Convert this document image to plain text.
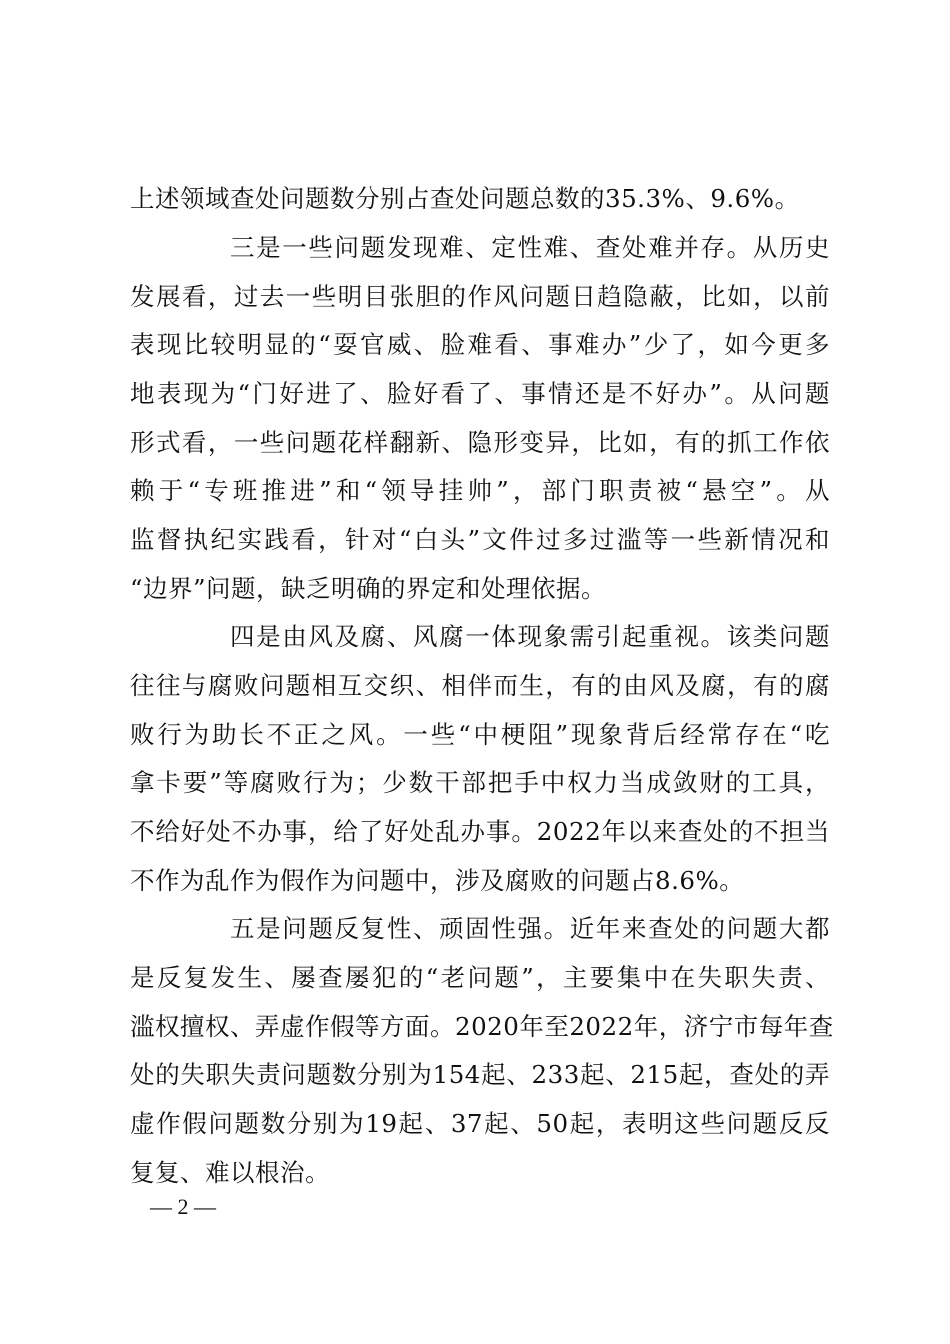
上述领域查处问题数分别占查处问题总数的35.3%、9.6%。
三是一些问题发现难、定性难、查处难并存。从历史
发展看，过去一些明目张胆的作风问题日趋隐蔽，比如，以前
表现比较明显的“耍官威、脸难看、事难办”少了，如今更多
地表现为“门好进了、脸好看了、事情还是不好办”。从问题
形式看，一些问题花样翻新、隐形变异，比如，有的抓工作依
赖于“专班推进”和“领导挂帅”，部门职责被“悬空”。从
监督执纪实践看，针对“白头”文件过多过滥等一些新情况和
“边界”问题，缺乏明确的界定和处理依据。
四是由风及腐、风腐一体现象需引起重视。该类问题
往往与腐败问题相互交织、相伴而生，有的由风及腐，有的腐
败行为助长不正之风。一些“中梗阻”现象背后经常存在“吃
拿卡要”等腐败行为；少数干部把手中权力当成敛财的工具，
不给好处不办事，给了好处乱办事。2022年以来查处的不担当
不作为乱作为假作为问题中，涉及腐败的问题占8.6%。
五是问题反复性、顽固性强。近年来查处的问题大都
是反复发生、屡查屡犯的“老问题”，主要集中在失职失责、
滥权擅权、弄虚作假等方面。2020年至2022年，济宁市每年查
处的失职失责问题数分别为154起、233起、215起，查处的弄
虚作假问题数分别为19起、37起、50起，表明这些问题反反
复复、难以根治。
— 2 —
